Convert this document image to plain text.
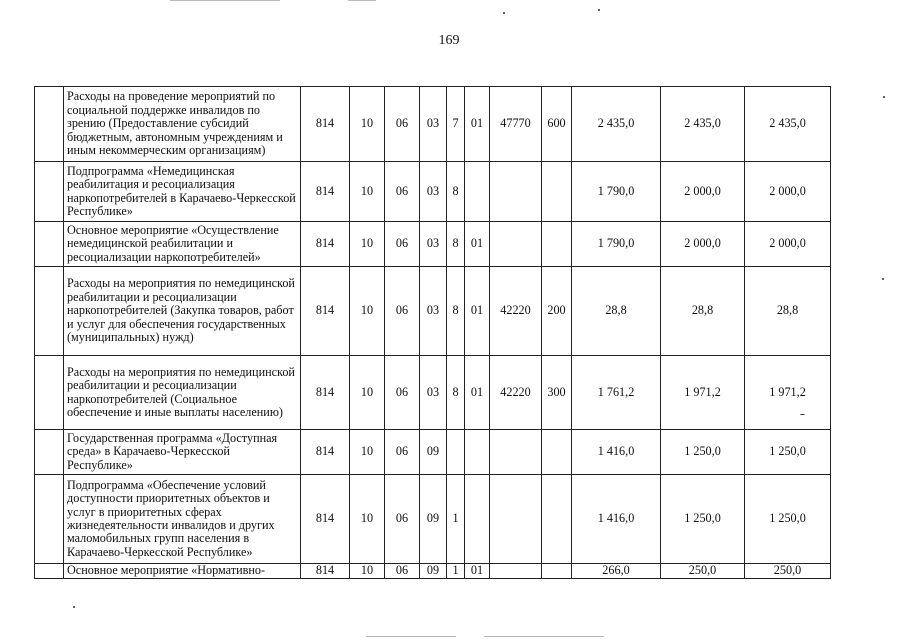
169
	Расходы на проведение мероприятий по социальной поддержке инвалидов по зрению (Предоставление субсидий бюджетным, автономным учреждениям и иным некоммерческим организациям)	814	10	06	03	7	01	47770	600	2 435,0	2 435,0	2 435,0
	Подпрограмма «Немедицинская реабилитация и ресоциализация наркопотребителей в Карачаево-Черкесской Республике»	814	10	06	03	8				1 790,0	2 000,0	2 000,0
	Основное мероприятие «Осуществление немедицинской реабилитации и ресоциализации наркопотребителей»	814	10	06	03	8	01			1 790,0	2 000,0	2 000,0
	Расходы на мероприятия по немедицинской реабилитации и ресоциализации наркопотребителей (Закупка товаров, работ и услуг для обеспечения государственных (муниципальных) нужд)	814	10	06	03	8	01	42220	200	28,8	28,8	28,8
	Расходы на мероприятия по немедицинской реабилитации и ресоциализации наркопотребителей (Социальное обеспечение и иные выплаты населению)	814	10	06	03	8	01	42220	300	1 761,2	1 971,2	1 971,2
	Государственная программа «Доступная среда» в Карачаево-Черкесской Республике»	814	10	06	09					1 416,0	1 250,0	1 250,0
	Подпрограмма «Обеспечение условий доступности приоритетных объектов и услуг в приоритетных сферах жизнедеятельности инвалидов и других маломобильных групп населения в Карачаево-Черкесской Республике»	814	10	06	09	1				1 416,0	1 250,0	1 250,0
	Основное мероприятие «Нормативно-	814	10	06	09	1	01			266,0	250,0	250,0
